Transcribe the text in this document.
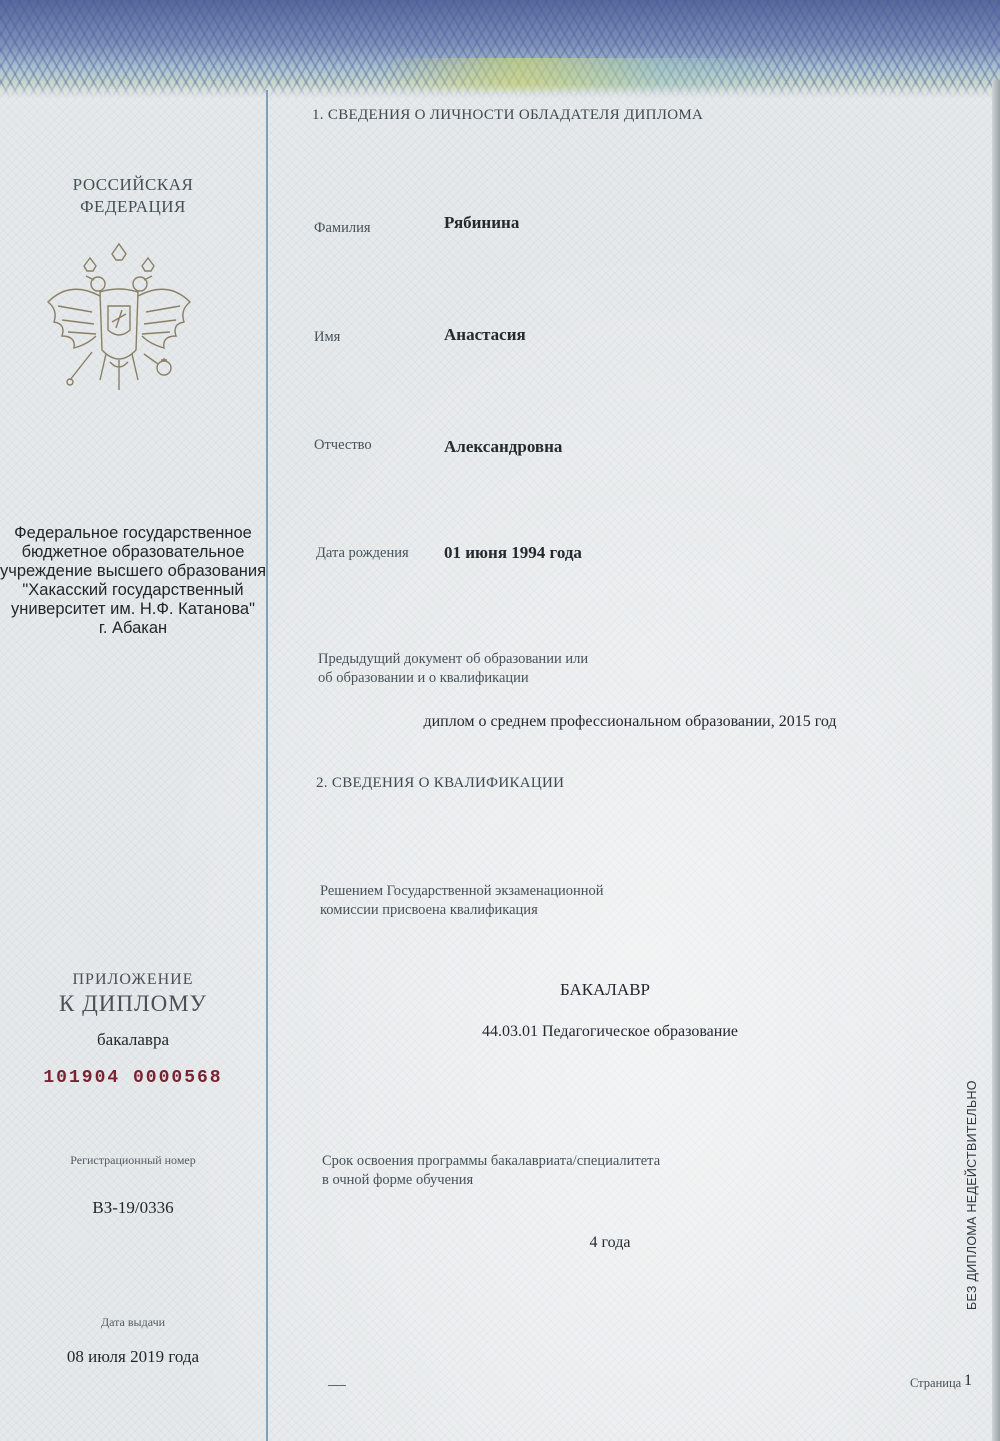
РОССИЙСКАЯ
ФЕДЕРАЦИЯ
Федеральное государственное
бюджетное образовательное
учреждение высшего образования
"Хакасский государственный
университет им. Н.Ф. Катанова"
г. Абакан
ПРИЛОЖЕНИЕ
К ДИПЛОМУ
бакалавра
101904 0000568
Регистрационный номер
ВЗ-19/0336
Дата выдачи
08 июля 2019 года
1. СВЕДЕНИЯ О ЛИЧНОСТИ ОБЛАДАТЕЛЯ ДИПЛОМА
Фамилия	Рябинина
Имя	Анастасия
Отчество	Александровна
Дата рождения 01 июня 1994 года
Предыдущий документ об образовании или
об образовании и о квалификации
диплом о среднем профессиональном образовании, 2015 год
2. СВЕДЕНИЯ О КВАЛИФИКАЦИИ
Решением Государственной экзаменационной
комиссии присвоена квалификация
БАКАЛАВР
44.03.01 Педагогическое образование
Срок освоения программы бакалавриата/специалитета
в очной форме обучения
4 года	БЕЗ ДИПЛОМА НЕДЕЙСТВИТЕЛЬНО
Страница 1
